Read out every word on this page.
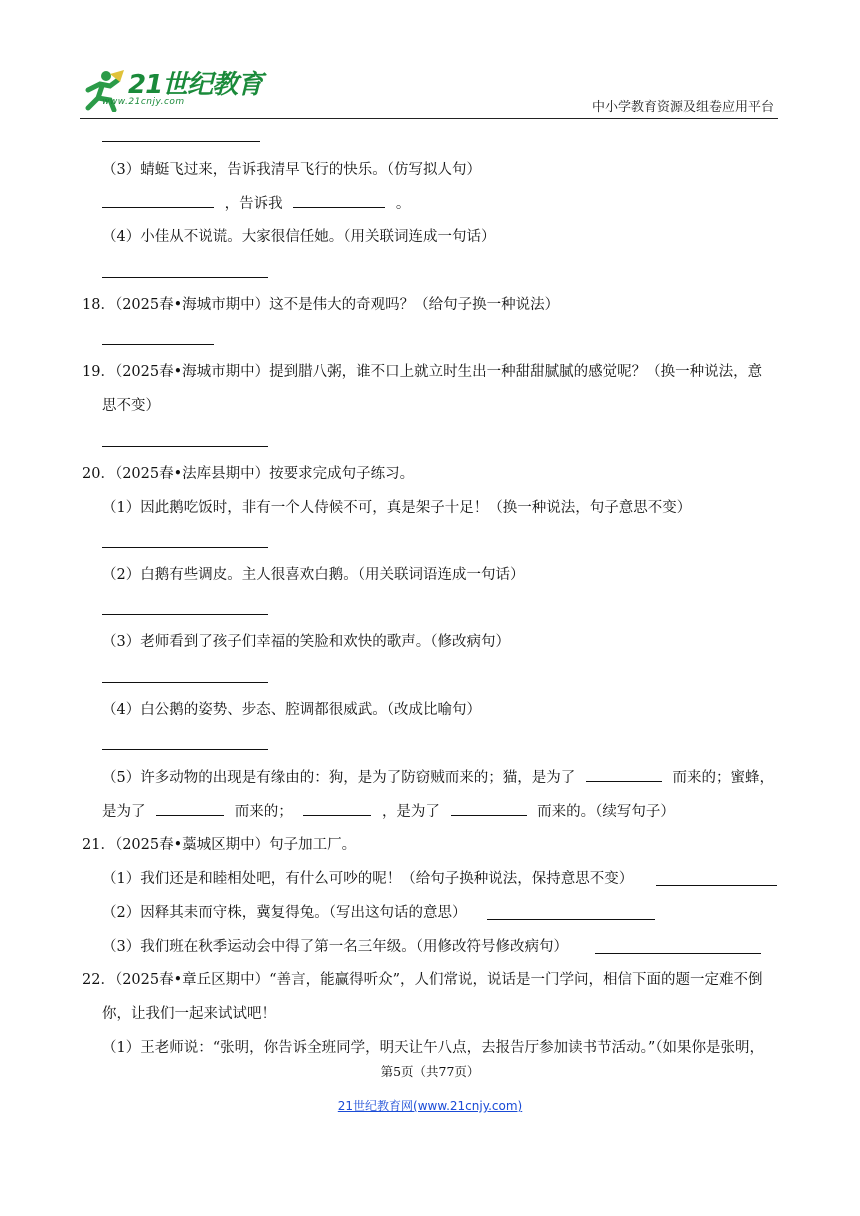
21世纪教育
www.21cnjy.com	中小学教育资源及组卷应用平台
（3）蜻蜓飞过来，告诉我清早飞行的快乐。（仿写拟人句）
，告诉我	。
（4）小佳从不说谎。大家很信任她。（用关联词连成一句话）
18．（2025春•海城市期中）这不是伟大的奇观吗？（给句子换一种说法）
19．（2025春•海城市期中）提到腊八粥，谁不口上就立时生出一种甜甜腻腻的感觉呢？（换一种说法，意
思不变）
20．（2025春•法库县期中）按要求完成句子练习。
（1）因此鹅吃饭时，非有一个人侍候不可，真是架子十足！（换一种说法，句子意思不变）
（2）白鹅有些调皮。主人很喜欢白鹅。（用关联词语连成一句话）
（3）老师看到了孩子们幸福的笑脸和欢快的歌声。（修改病句）
（4）白公鹅的姿势、步态、腔调都很威武。（改成比喻句）
（5）许多动物的出现是有缘由的：狗，是为了防窃贼而来的；猫，是为了	而来的；蜜蜂，
是为了	而来的；	，是为了	而来的。（续写句子）
21．（2025春•藁城区期中）句子加工厂。
（1）我们还是和睦相处吧，有什么可吵的呢！（给句子换种说法，保持意思不变）
（2）因释其耒而守株，冀复得兔。（写出这句话的意思）
（3）我们班在秋季运动会中得了第一名三年级。（用修改符号修改病句）
22．（2025春•章丘区期中）“善言，能赢得听众”，人们常说，说话是一门学问，相信下面的题一定难不倒
你，让我们一起来试试吧！
（1）王老师说：“张明，你告诉全班同学，明天让午八点，去报告厅参加读书节活动。”（如果你是张明，
第5页（共77页）
21世纪教育网(www.21cnjy.com)
